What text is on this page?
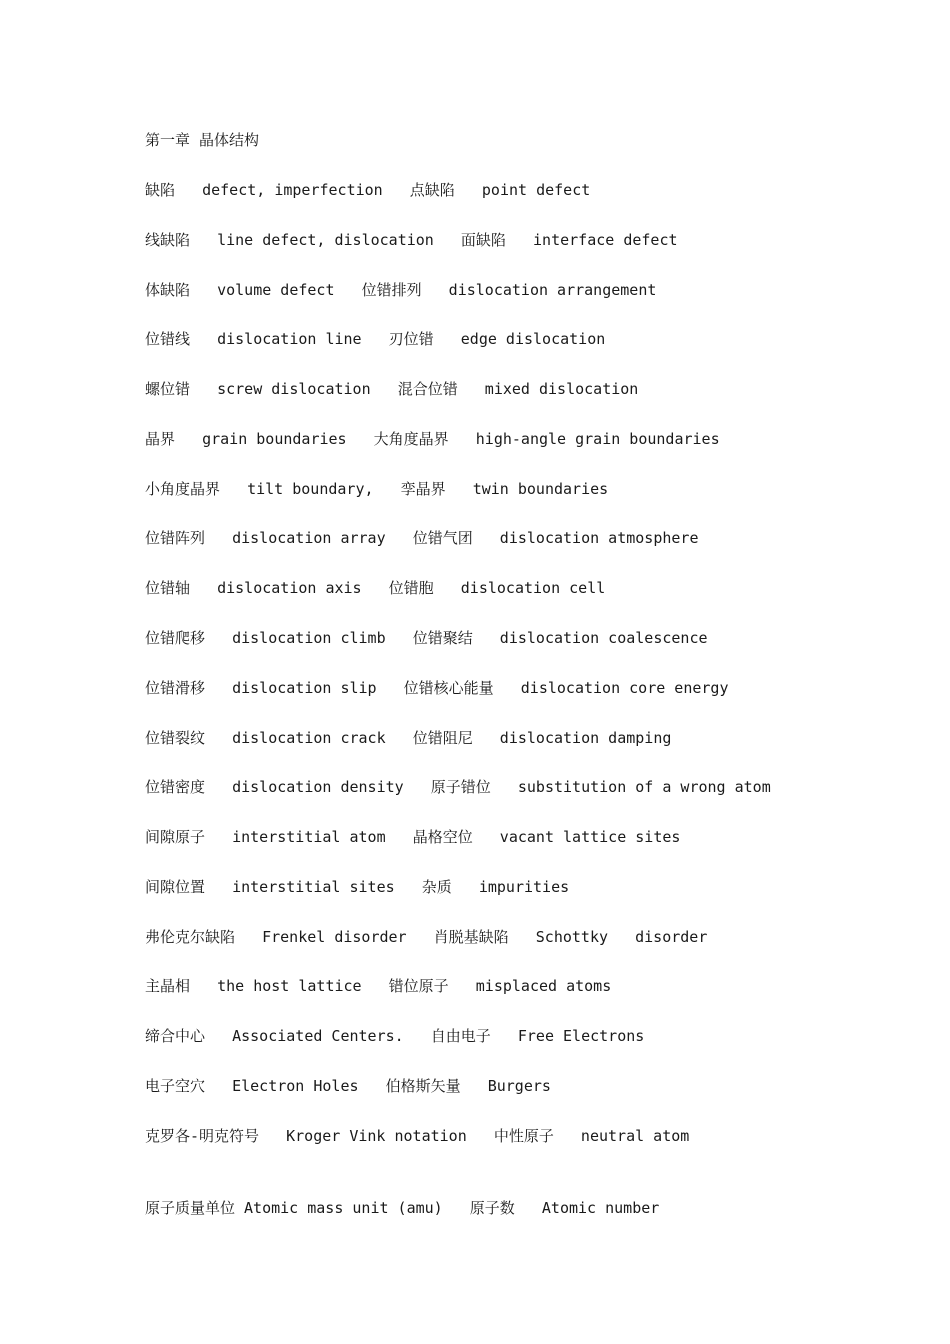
第一章 晶体结构
缺陷   defect, imperfection   点缺陷   point defect
线缺陷   line defect, dislocation   面缺陷   interface defect
体缺陷   volume defect   位错排列   dislocation arrangement
位错线   dislocation line   刃位错   edge dislocation
螺位错   screw dislocation   混合位错   mixed dislocation
晶界   grain boundaries   大角度晶界   high-angle grain boundaries
小角度晶界   tilt boundary,   孪晶界   twin boundaries
位错阵列   dislocation array   位错气团   dislocation atmosphere
位错轴   dislocation axis   位错胞   dislocation cell
位错爬移   dislocation climb   位错聚结   dislocation coalescence
位错滑移   dislocation slip   位错核心能量   dislocation core energy
位错裂纹   dislocation crack   位错阻尼   dislocation damping
位错密度   dislocation density   原子错位   substitution of a wrong atom
间隙原子   interstitial atom   晶格空位   vacant lattice sites
间隙位置   interstitial sites   杂质   impurities
弗伦克尔缺陷   Frenkel disorder   肖脱基缺陷   Schottky   disorder
主晶相   the host lattice   错位原子   misplaced atoms
缔合中心   Associated Centers.   自由电子   Free Electrons
电子空穴   Electron Holes   伯格斯矢量   Burgers
克罗各-明克符号   Kroger Vink notation   中性原子   neutral atom
原子质量单位 Atomic mass unit (amu)   原子数   Atomic number
